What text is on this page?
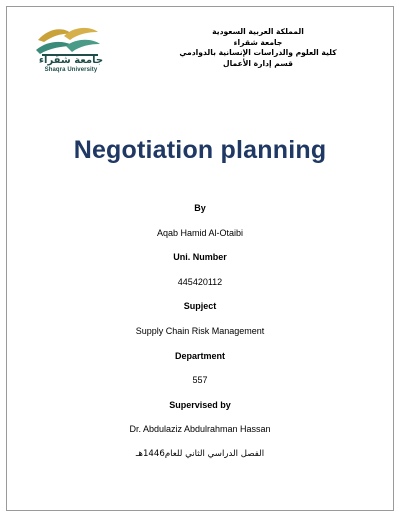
جامعة شقراء
Shaqra University
المملكة العربية السعودية
جامعة شقراء
كلية العلوم والدراسات الإنسانية بالدوادمي
قسم إدارة الأعمال
Negotiation planning
By
Aqab Hamid Al-Otaibi
Uni. Number
445420112
Supject
Supply Chain Risk Management
Department
557
Supervised by
Dr. Abdulaziz Abdulrahman Hassan
الفصل الدراسي الثاني للعام1446هـ
